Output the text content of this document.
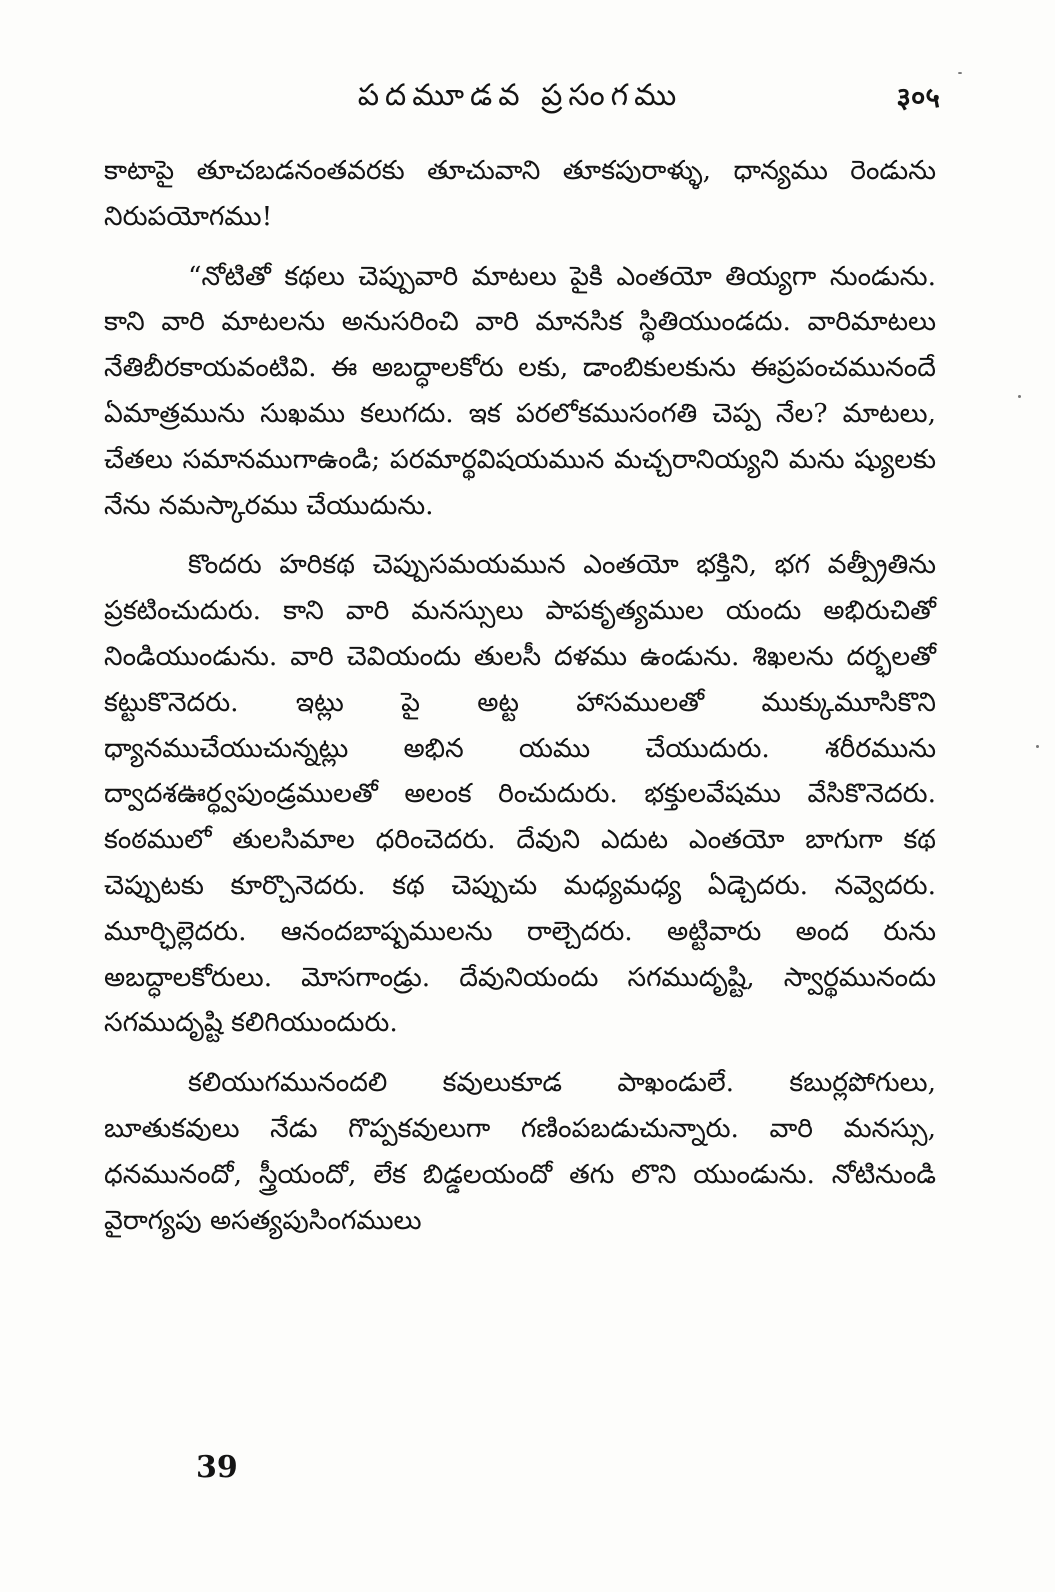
పదమూడవ ప్రసంగము	३०५

కాటాపై తూచబడనంతవరకు తూచువాని తూకపురాళ్ళు, ధాన్యము రెండును నిరుపయోగము!

“నోటితో కథలు చెప్పువారి మాటలు పైకి ఎంతయో తియ్యగా నుండును. కాని వారి మాటలను అనుసరించి వారి మానసిక స్థితియుండదు. వారిమాటలు నేతిబీరకాయవంటివి. ఈ అబద్ధాలకోరు లకు, డాంబికులకును ఈప్రపంచమునందే ఏమాత్రమును సుఖము కలుగదు. ఇక పరలోకముసంగతి చెప్ప నేల? మాటలు, చేతలు సమానముగాఉండి; పరమార్థవిషయమున మచ్చరానియ్యని మను ష్యులకు నేను నమస్కారము చేయుదును.

కొందరు హరికథ చెప్పుసమయమున ఎంతయో భక్తిని, భగ వత్ప్రీతిను ప్రకటించుదురు. కాని వారి మనస్సులు పాపకృత్యముల యందు అభిరుచితో నిండియుండును. వారి చెవియందు తులసీ దళము ఉండును. శిఖలను దర్భలతో కట్టుకొనెదరు. ఇట్లు పై అట్ట హాసములతో ముక్కుమూసికొని ధ్యానముచేయుచున్నట్లు అభిన యము చేయుదురు. శరీరమును ద్వాదశఊర్ధ్వపుండ్రములతో అలంక రించుదురు. భక్తులవేషము వేసికొనెదరు. కంఠములో తులసిమాల ధరించెదరు. దేవుని ఎదుట ఎంతయో బాగుగా కథ చెప్పుటకు కూర్చొనెదరు. కథ చెప్పుచు మధ్యమధ్య ఏడ్చెదరు. నవ్వెదరు. మూర్ఛిల్లెదరు. ఆనందబాష్పములను రాల్చెదరు. అట్టివారు అంద రును అబద్ధాలకోరులు. మోసగాండ్రు. దేవునియందు సగముదృష్టి, స్వార్థమునందు సగముదృష్టి కలిగియుందురు.

కలియుగమునందలి కవులుకూడ పాఖండులే. కబుర్లపోగులు, బూతుకవులు నేడు గొప్పకవులుగా గణింపబడుచున్నారు. వారి మనస్సు, ధనమునందో, స్త్రీయందో, లేక బిడ్డలయందో తగు లొని యుండును. నోటినుండి వైరాగ్యపు అసత్యపుసింగములు

39
